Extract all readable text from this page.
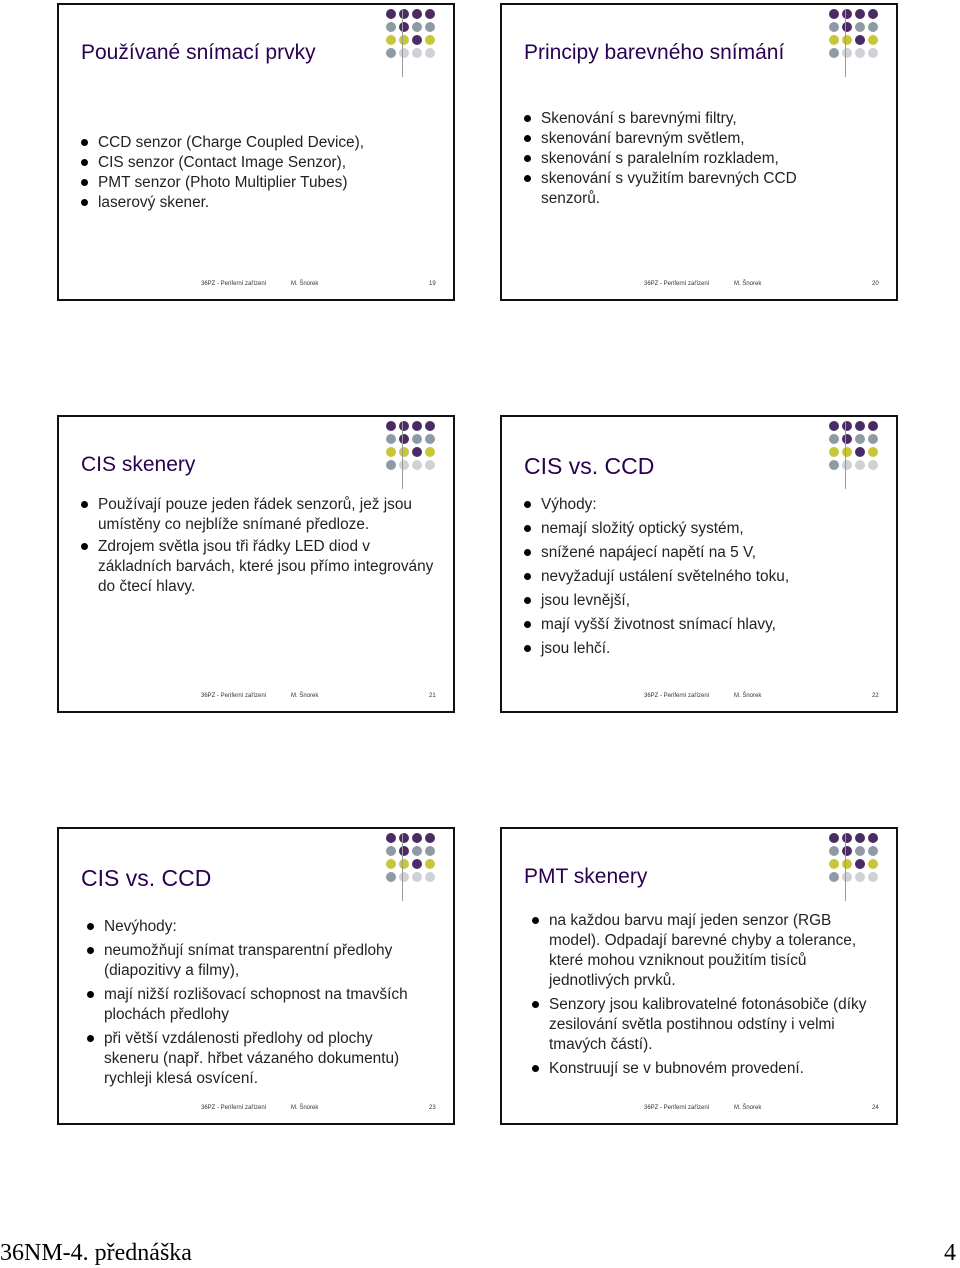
Používané snímací prvky
CCD senzor (Charge Coupled Device),
CIS senzor (Contact Image Senzor),
PMT senzor (Photo Multiplier Tubes)
laserový skener.
36PZ - Periferní zařízení	M. Šnorek	19
Principy barevného snímání
Skenování s barevnými filtry,
skenování barevným světlem,
skenování s paralelním rozkladem,
skenování s využitím barevných CCD senzorů.
36PZ - Periferní zařízení	M. Šnorek	20
CIS skenery
Používají pouze jeden řádek senzorů, jež jsou umístěny co nejblíže snímané předloze.
Zdrojem světla jsou tři řádky LED diod v základních barvách, které jsou přímo integrovány do čtecí hlavy.
36PZ - Periferní zařízení	M. Šnorek	21
CIS vs. CCD
Výhody:
nemají složitý optický systém,
snížené napájecí napětí na 5 V,
nevyžadují ustálení světelného toku,
jsou levnější,
mají vyšší životnost snímací hlavy,
jsou lehčí.
36PZ - Periferní zařízení	M. Šnorek	22
CIS vs. CCD
Nevýhody:
neumožňují snímat transparentní předlohy (diapozitivy a filmy),
mají nižší rozlišovací schopnost na tmavších plochách předlohy
při větší vzdálenosti předlohy od plochy skeneru (např. hřbet vázaného dokumentu) rychleji klesá osvícení.
36PZ - Periferní zařízení	M. Šnorek	23
PMT skenery
na každou barvu mají jeden senzor (RGB model). Odpadají barevné chyby a tolerance, které mohou vzniknout použitím tisíců jednotlivých prvků.
Senzory jsou kalibrovatelné fotonásobiče (díky zesilování světla postihnou odstíny i velmi tmavých částí).
Konstruují se v bubnovém provedení.
36PZ - Periferní zařízení	M. Šnorek	24
36NM-4. přednáška	4
